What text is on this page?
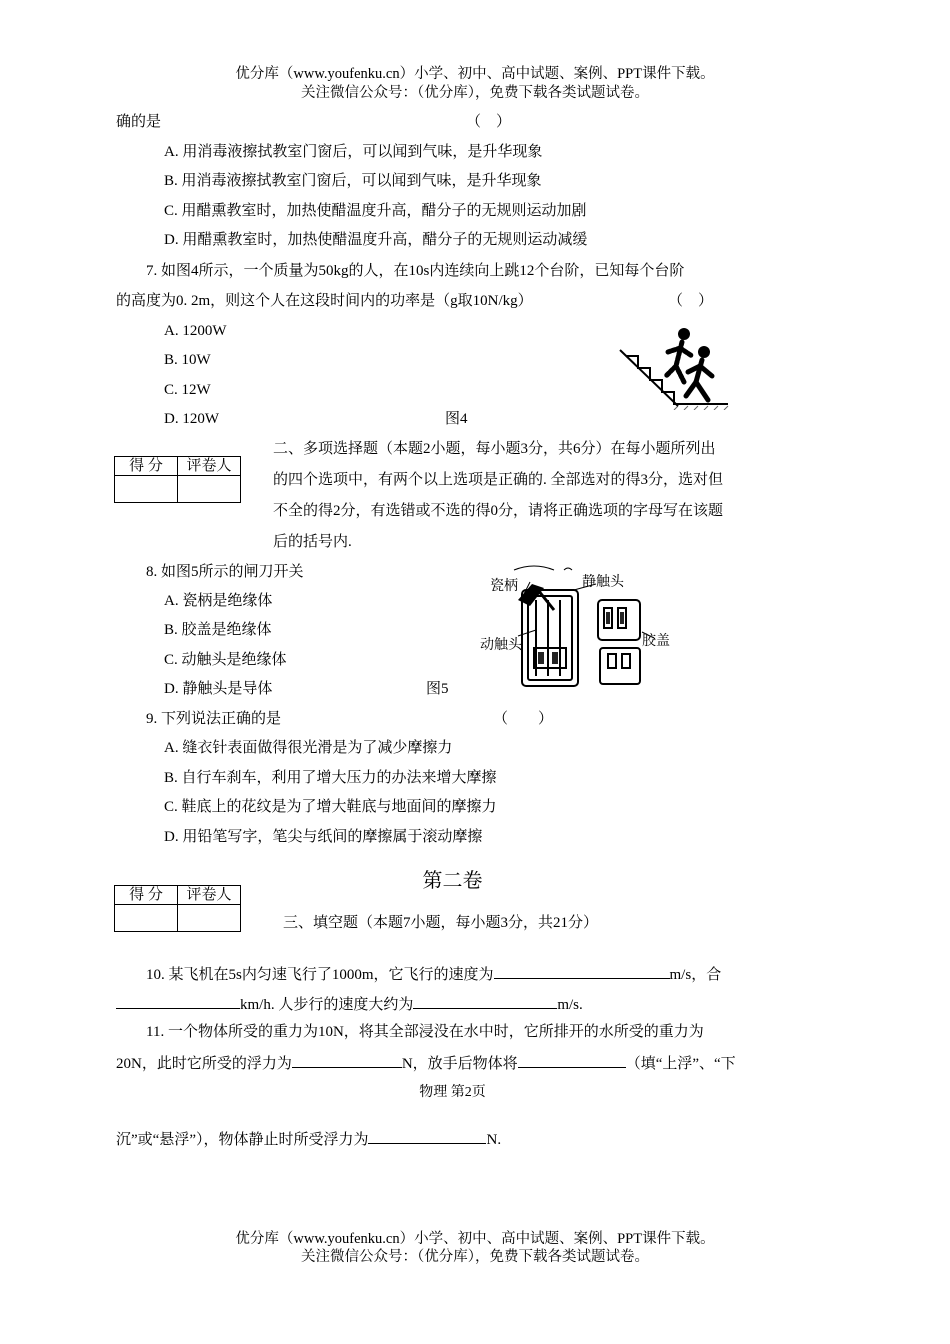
优分库（www.youfenku.cn）小学、初中、高中试题、案例、PPT课件下载。
关注微信公众号：（优分库），免费下载各类试题试卷。
确的是	（　）
A. 用消毒液擦拭教室门窗后，可以闻到气味，是升华现象
B. 用消毒液擦拭教室门窗后，可以闻到气味，是升华现象
C. 用醋熏教室时，加热使醋温度升高，醋分子的无规则运动加剧
D. 用醋熏教室时，加热使醋温度升高，醋分子的无规则运动减缓
7. 如图4所示，一个质量为50kg的人，在10s内连续向上跳12个台阶，已知每个台阶
的高度为0. 2m，则这个人在这段时间内的功率是（g取10N/kg）	（　）
A. 1200W
B. 10W
C. 12W
D. 120W	图4
得 分	评卷人

二、多项选择题（本题2小题，每小题3分，共6分）在每小题所列出
的四个选项中，有两个以上选项是正确的. 全部选对的得3分，选对但
不全的得2分，有选错或不选的得0分，请将正确选项的字母写在该题
后的括号内.
8. 如图5所示的闸刀开关
A. 瓷柄是绝缘体
B. 胶盖是绝缘体
C. 动触头是绝缘体
D. 静触头是导体	图5
瓷柄	静触头
动触头	胶盖
9. 下列说法正确的是	（　　）
A. 缝衣针表面做得很光滑是为了减少摩擦力
B. 自行车刹车，利用了增大压力的办法来增大摩擦
C. 鞋底上的花纹是为了增大鞋底与地面间的摩擦力
D. 用铅笔写字，笔尖与纸间的摩擦属于滚动摩擦
第二卷
得 分	评卷人

三、填空题（本题7小题，每小题3分，共21分）
10. 某飞机在5s内匀速飞行了1000m，它飞行的速度为	m/s，合
km/h. 人步行的速度大约为	m/s.
11. 一个物体所受的重力为10N，将其全部浸没在水中时，它所排开的水所受的重力为
20N，此时它所受的浮力为	N，放手后物体将	（填“上浮”、“下
物理 第2页
沉”或“悬浮”），物体静止时所受浮力为	N.
优分库（www.youfenku.cn）小学、初中、高中试题、案例、PPT课件下载。
关注微信公众号：（优分库），免费下载各类试题试卷。
